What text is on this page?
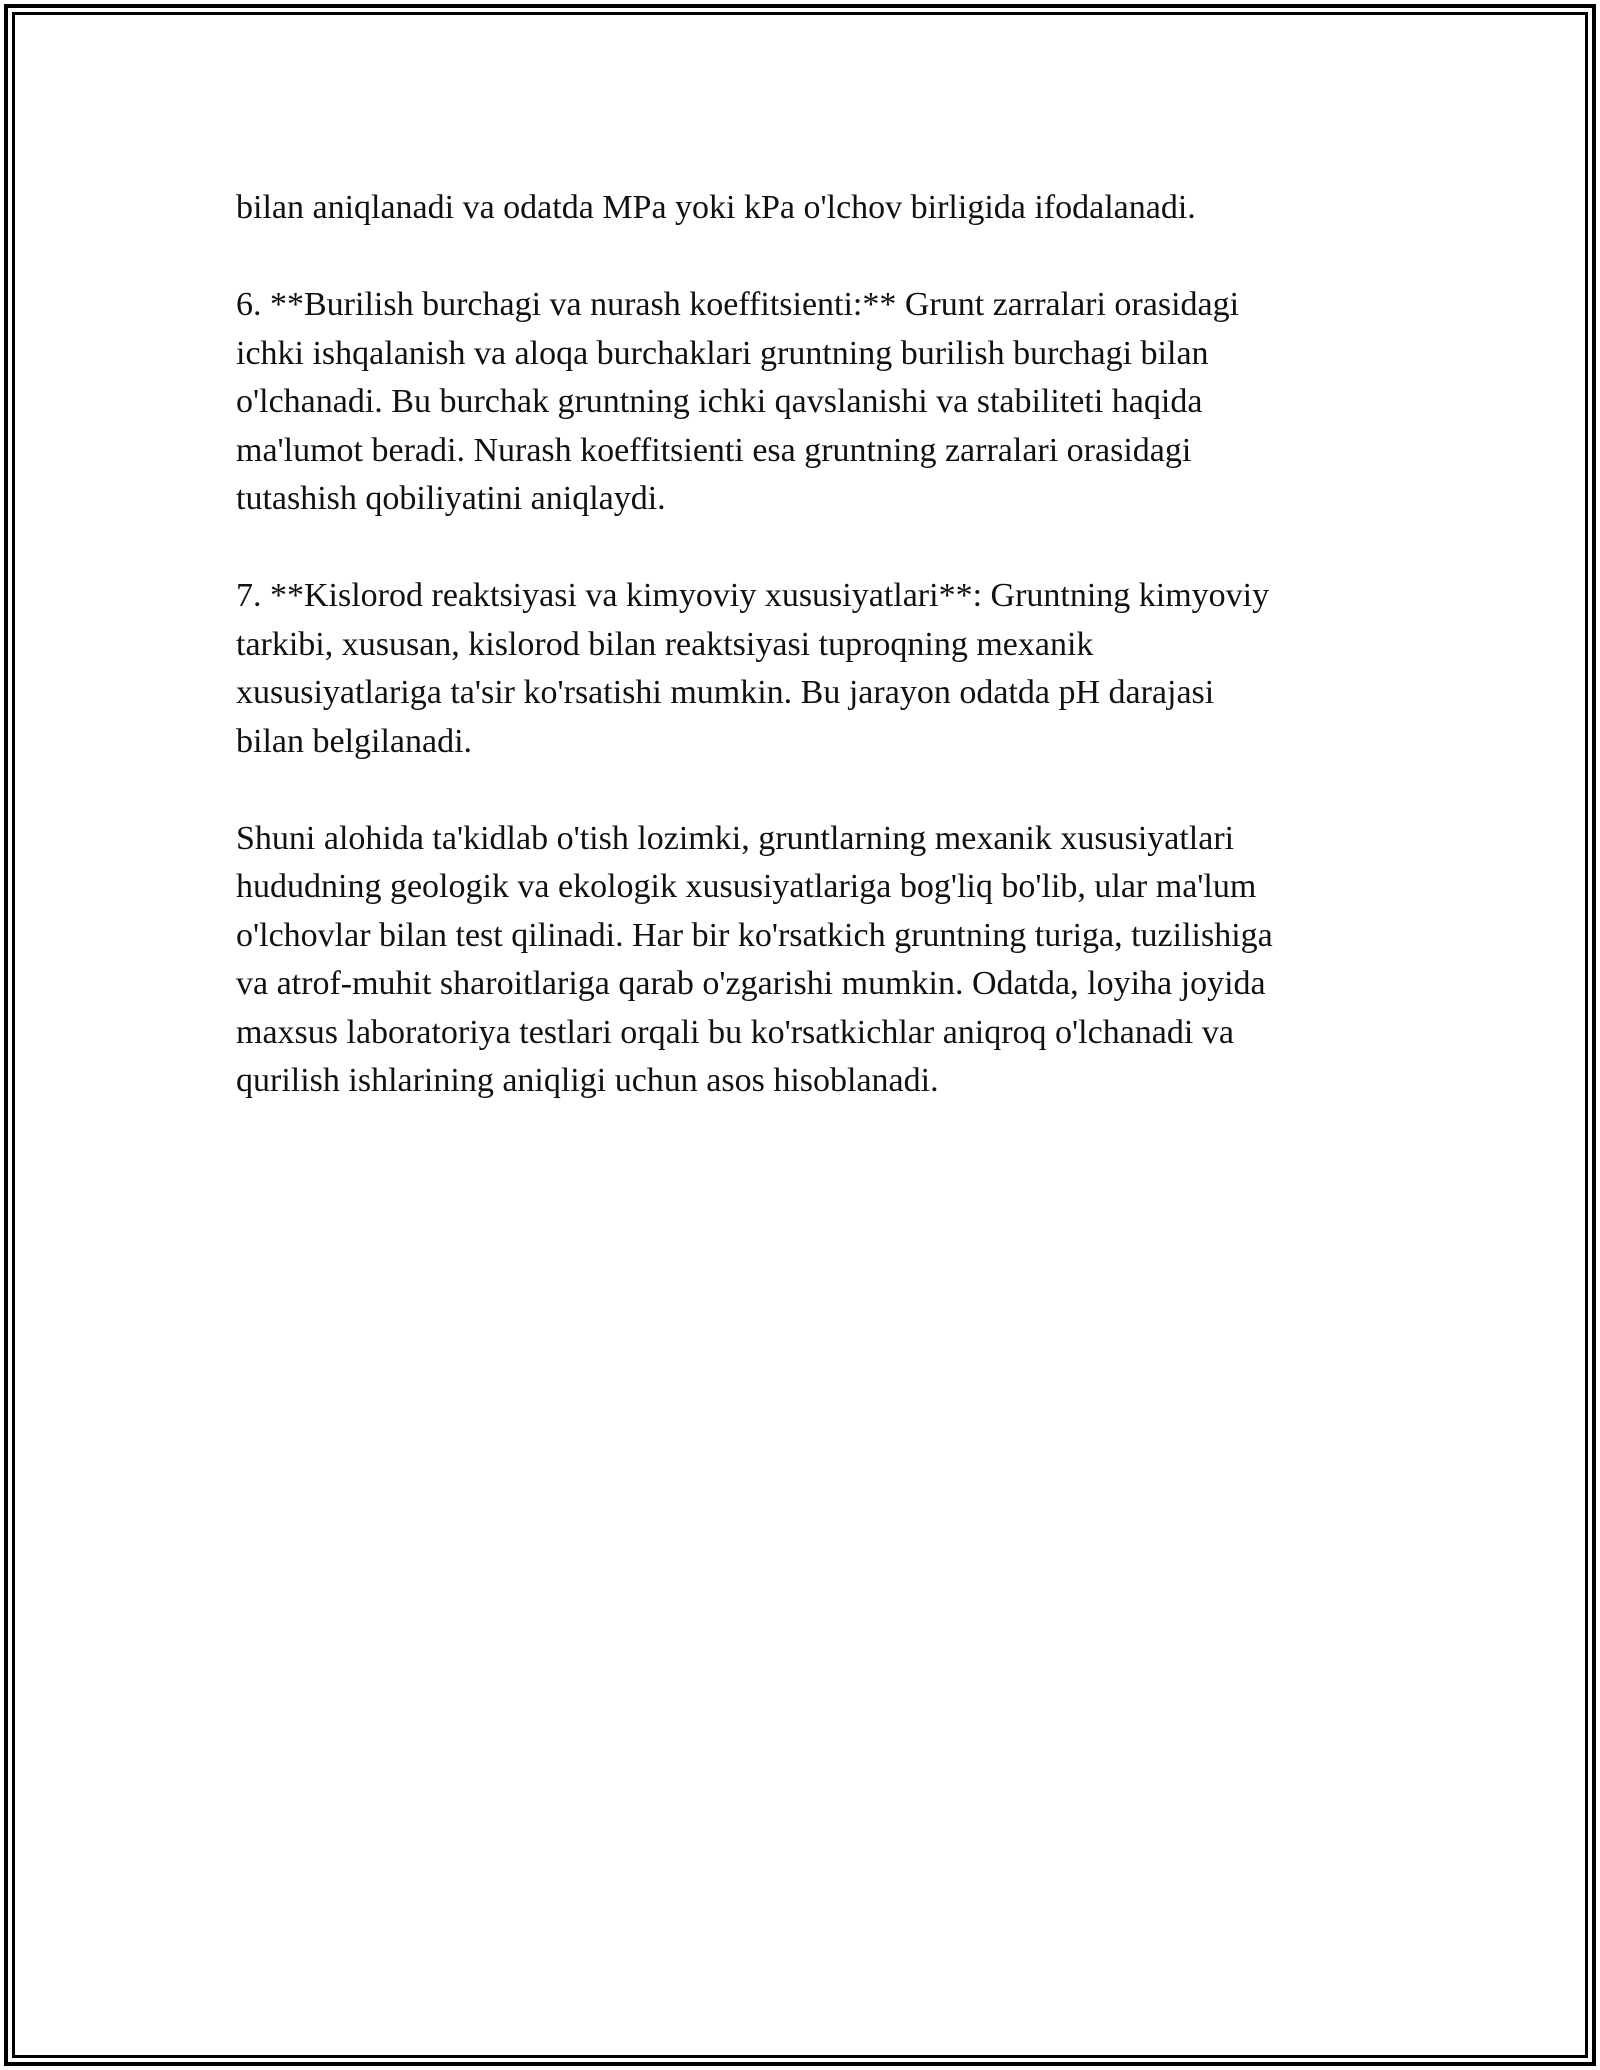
bilan aniqlanadi va odatda MPa yoki kPa o'lchov birligida ifodalanadi.
6. **Burilish burchagi va nurash koeffitsienti:** Grunt zarralari orasidagi
ichki ishqalanish va aloqa burchaklari gruntning burilish burchagi bilan
o'lchanadi. Bu burchak gruntning ichki qavslanishi va stabiliteti haqida
ma'lumot beradi. Nurash koeffitsienti esa gruntning zarralari orasidagi
tutashish qobiliyatini aniqlaydi.
7. **Kislorod reaktsiyasi va kimyoviy xususiyatlari**: Gruntning kimyoviy
tarkibi, xususan, kislorod bilan reaktsiyasi tuproqning mexanik
xususiyatlariga ta'sir ko'rsatishi mumkin. Bu jarayon odatda pH darajasi
bilan belgilanadi.
Shuni alohida ta'kidlab o'tish lozimki, gruntlarning mexanik xususiyatlari
hududning geologik va ekologik xususiyatlariga bog'liq bo'lib, ular ma'lum
o'lchovlar bilan test qilinadi. Har bir ko'rsatkich gruntning turiga, tuzilishiga
va atrof-muhit sharoitlariga qarab o'zgarishi mumkin. Odatda, loyiha joyida
maxsus laboratoriya testlari orqali bu ko'rsatkichlar aniqroq o'lchanadi va
qurilish ishlarining aniqligi uchun asos hisoblanadi.
